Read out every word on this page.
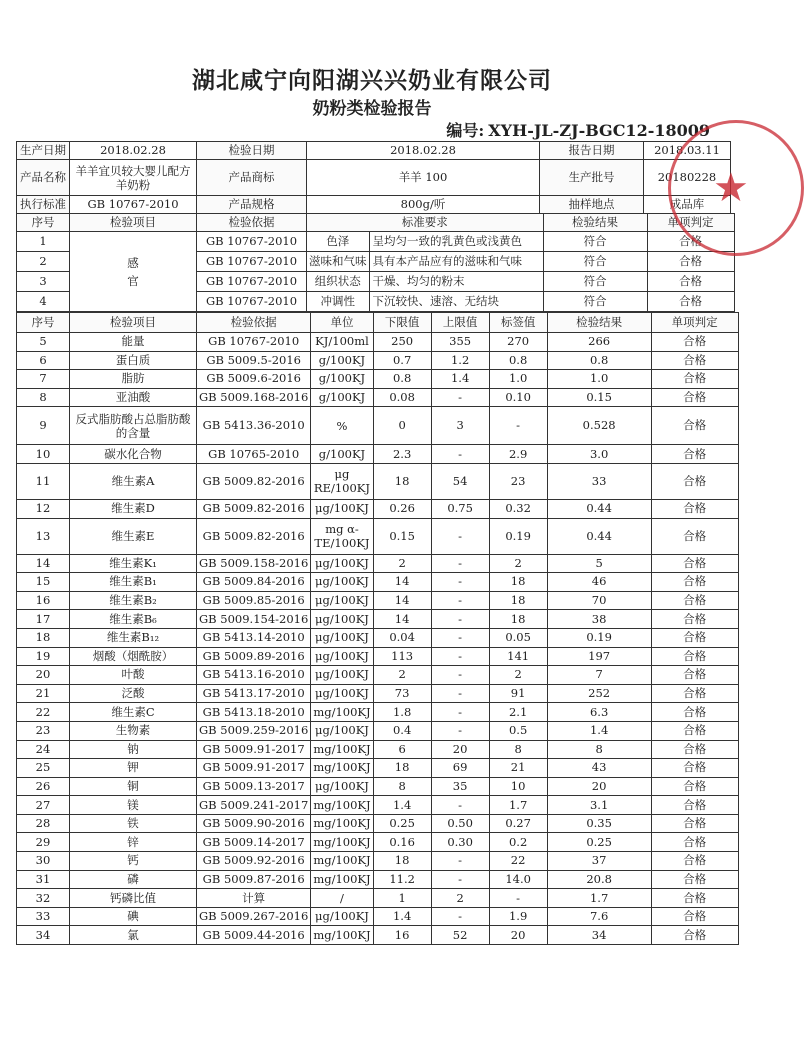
湖北咸宁向阳湖兴兴奶业有限公司
奶粉类检验报告
编号: XYH-JL-ZJ-BGC12-18009
生产日期	2018.02.28	检验日期	2018.02.28	报告日期	2018.03.11
产品名称	羊羊宜贝较大婴儿配方羊奶粉	产品商标	羊羊 100	生产批号	20180228
执行标准	GB 10767-2010	产品规格	800g/听	抽样地点	成品库
序号	检验项目	检验依据	标准要求		检验结果	单项判定
1	感官	GB 10767-2010	色泽	呈均匀一致的乳黄色或浅黄色	符合	合格
2		GB 10767-2010	滋味和气味	具有本产品应有的滋味和气味	符合	合格
3		GB 10767-2010	组织状态	干燥、均匀的粉末	符合	合格
4		GB 10767-2010	冲调性	下沉较快、速溶、无结块	符合	合格
序号	检验项目	检验依据	单位	下限值	上限值	标签值	检验结果	单项判定
5	能量	GB 10767-2010	KJ/100ml	250	355	270	266	合格
6	蛋白质	GB 5009.5-2016	g/100KJ	0.7	1.2	0.8	0.8	合格
7	脂肪	GB 5009.6-2016	g/100KJ	0.8	1.4	1.0	1.0	合格
8	亚油酸	GB 5009.168-2016	g/100KJ	0.08	-	0.10	0.15	合格
9	反式脂肪酸占总脂肪酸的含量	GB 5413.36-2010	%	0	3	-	0.528	合格
10	碳水化合物	GB 10765-2010	g/100KJ	2.3	-	2.9	3.0	合格
11	维生素A	GB 5009.82-2016	μg RE/100KJ	18	54	23	33	合格
12	维生素D	GB 5009.82-2016	μg/100KJ	0.26	0.75	0.32	0.44	合格
13	维生素E	GB 5009.82-2016	mg α-TE/100KJ	0.15	-	0.19	0.44	合格
14	维生素K₁	GB 5009.158-2016	μg/100KJ	2	-	2	5	合格
15	维生素B₁	GB 5009.84-2016	μg/100KJ	14	-	18	46	合格
16	维生素B₂	GB 5009.85-2016	μg/100KJ	14	-	18	70	合格
17	维生素B₆	GB 5009.154-2016	μg/100KJ	14	-	18	38	合格
18	维生素B₁₂	GB 5413.14-2010	μg/100KJ	0.04	-	0.05	0.19	合格
19	烟酸（烟酰胺）	GB 5009.89-2016	μg/100KJ	113	-	141	197	合格
20	叶酸	GB 5413.16-2010	μg/100KJ	2	-	2	7	合格
21	泛酸	GB 5413.17-2010	μg/100KJ	73	-	91	252	合格
22	维生素C	GB 5413.18-2010	mg/100KJ	1.8	-	2.1	6.3	合格
23	生物素	GB 5009.259-2016	μg/100KJ	0.4	-	0.5	1.4	合格
24	钠	GB 5009.91-2017	mg/100KJ	6	20	8	8	合格
25	钾	GB 5009.91-2017	mg/100KJ	18	69	21	43	合格
26	铜	GB 5009.13-2017	μg/100KJ	8	35	10	20	合格
27	镁	GB 5009.241-2017	mg/100KJ	1.4	-	1.7	3.1	合格
28	铁	GB 5009.90-2016	mg/100KJ	0.25	0.50	0.27	0.35	合格
29	锌	GB 5009.14-2017	mg/100KJ	0.16	0.30	0.2	0.25	合格
30	钙	GB 5009.92-2016	mg/100KJ	18	-	22	37	合格
31	磷	GB 5009.87-2016	mg/100KJ	11.2	-	14.0	20.8	合格
32	钙磷比值	计算	/	1	2	-	1.7	合格
33	碘	GB 5009.267-2016	μg/100KJ	1.4	-	1.9	7.6	合格
34	氯	GB 5009.44-2016	mg/100KJ	16	52	20	34	合格
★
